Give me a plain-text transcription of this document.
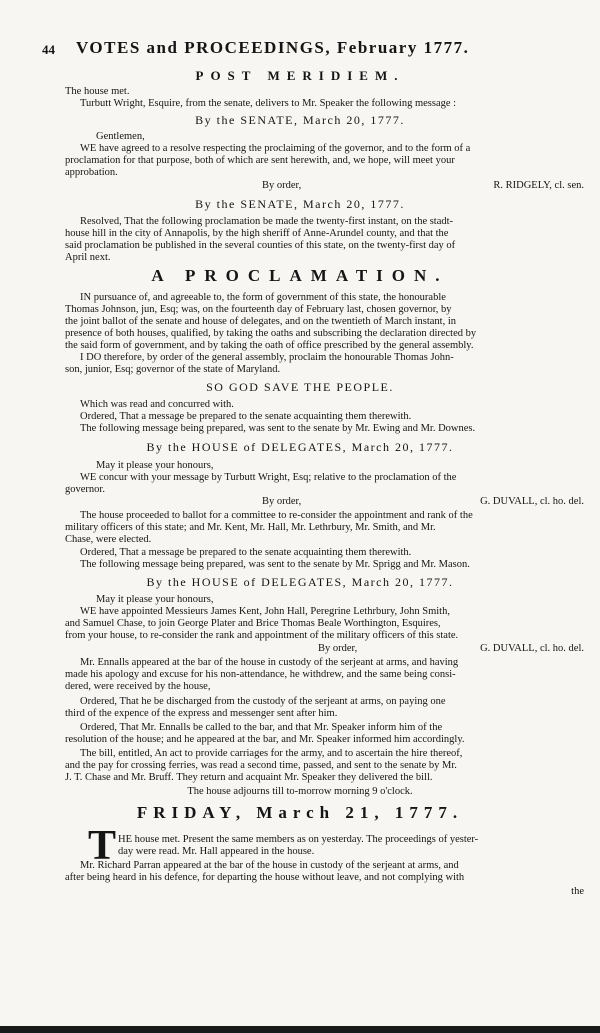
44 VOTES and PROCEEDINGS, February 1777.
POST MERIDIEM.
The house met.
Turbutt Wright, Esquire, from the senate, delivers to Mr. Speaker the following message :
By the SENATE, March 20, 1777.
Gentlemen,
WE have agreed to a resolve respecting the proclaiming of the governor, and to the form of a
proclamation for that purpose, both of which are sent herewith, and, we hope, will meet your
approbation.
By order,	R. RIDGELY, cl. sen.
By the SENATE, March 20, 1777.
Resolved, That the following proclamation be made the twenty-first instant, on the stadt-
house hill in the city of Annapolis, by the high sheriff of Anne-Arundel county, and that the
said proclamation be published in the several counties of this state, on the twenty-first day of
April next.
A PROCLAMATION.
IN pursuance of, and agreeable to, the form of government of this state, the honourable
Thomas Johnson, jun, Esq; was, on the fourteenth day of February last, chosen governor, by
the joint ballot of the senate and house of delegates, and on the twentieth of March instant, in
presence of both houses, qualified, by taking the oaths and subscribing the declaration directed by
the said form of government, and by taking the oath of office prescribed by the general assembly.
I DO therefore, by order of the general assembly, proclaim the honourable Thomas John-
son, junior, Esq; governor of the state of Maryland.
SO GOD SAVE THE PEOPLE.
Which was read and concurred with.
Ordered, That a message be prepared to the senate acquainting them therewith.
The following message being prepared, was sent to the senate by Mr. Ewing and Mr. Downes.
By the HOUSE of DELEGATES, March 20, 1777.
May it please your honours,
WE concur with your message by Turbutt Wright, Esq; relative to the proclamation of the
governor.
By order,	G. DUVALL, cl. ho. del.
The house proceeded to ballot for a committee to re-consider the appointment and rank of the
military officers of this state; and Mr. Kent, Mr. Hall, Mr. Lethrbury, Mr. Smith, and Mr.
Chase, were elected.
Ordered, That a message be prepared to the senate acquainting them therewith.
The following message being prepared, was sent to the senate by Mr. Sprigg and Mr. Mason.
By the HOUSE of DELEGATES, March 20, 1777.
May it please your honours,
WE have appointed Messieurs James Kent, John Hall, Peregrine Lethrbury, John Smith,
and Samuel Chase, to join George Plater and Brice Thomas Beale Worthington, Esquires,
from your house, to re-consider the rank and appointment of the military officers of this state.
By order,	G. DUVALL, cl. ho. del.
Mr. Ennalls appeared at the bar of the house in custody of the serjeant at arms, and having
made his apology and excuse for his non-attendance, he withdrew, and the same being consi-
dered, were received by the house,
Ordered, That he be discharged from the custody of the serjeant at arms, on paying one
third of the expence of the express and messenger sent after him.
Ordered, That Mr. Ennalls be called to the bar, and that Mr. Speaker inform him of the
resolution of the house; and he appeared at the bar, and Mr. Speaker informed him accordingly.
The bill, entitled, An act to provide carriages for the army, and to ascertain the hire thereof,
and the pay for crossing ferries, was read a second time, passed, and sent to the senate by Mr.
J. T. Chase and Mr. Bruff. They return and acquaint Mr. Speaker they delivered the bill.
The house adjourns till to-morrow morning 9 o'clock.
FRIDAY, March 21, 1777.
T HE house met. Present the same members as on yesterday. The proceedings of yester-
day were read. Mr. Hall appeared in the house.
Mr. Richard Parran appeared at the bar of the house in custody of the serjeant at arms, and
after being heard in his defence, for departing the house without leave, and not complying with
the
